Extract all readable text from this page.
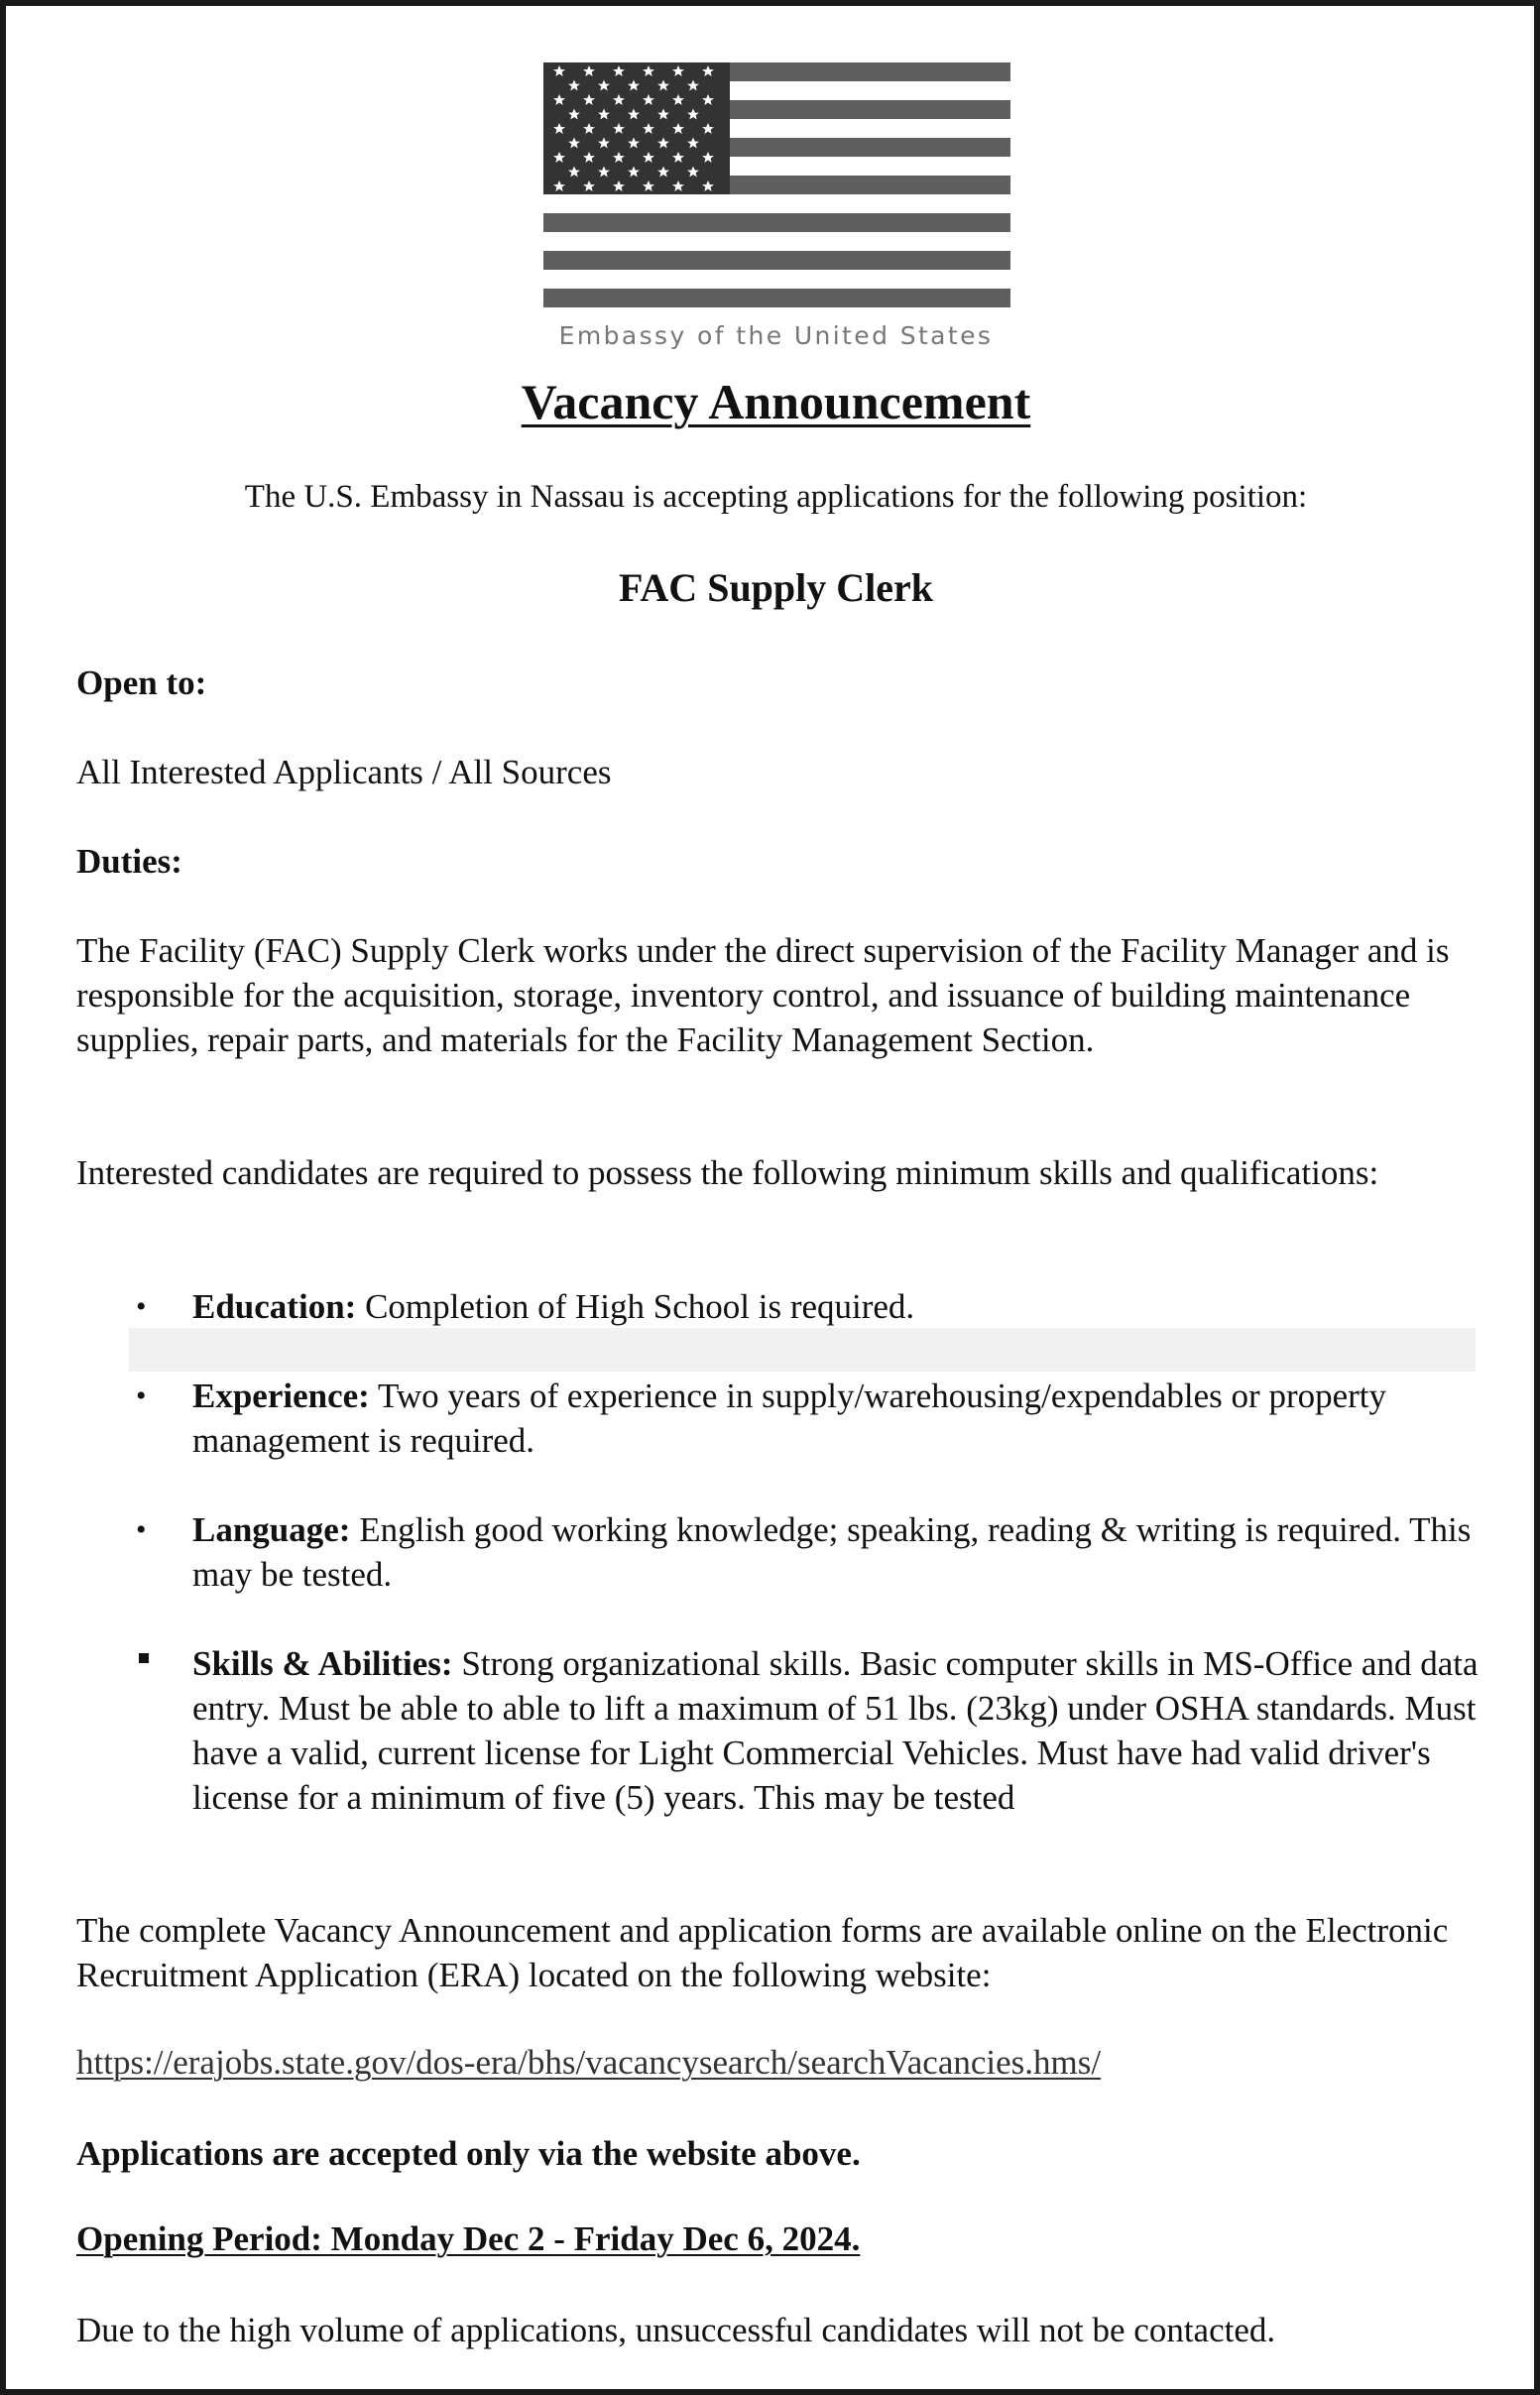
Embassy of the United States
Vacancy Announcement
The U.S. Embassy in Nassau is accepting applications for the following position:
FAC Supply Clerk
Open to:
All Interested Applicants / All Sources
Duties:
The Facility (FAC) Supply Clerk works under the direct supervision of the Facility Manager and is responsible for the acquisition, storage, inventory control, and issuance of building maintenance supplies, repair parts, and materials for the Facility Management Section.
Interested candidates are required to possess the following minimum skills and qualifications:
• Education: Completion of High School is required.
• Experience: Two years of experience in supply/warehousing/expendables or property management is required.
• Language: English good working knowledge; speaking, reading & writing is required. This may be tested.
Skills & Abilities: Strong organizational skills. Basic computer skills in MS-Office and data entry. Must be able to able to lift a maximum of 51 lbs. (23kg) under OSHA standards. Must have a valid, current license for Light Commercial Vehicles. Must have had valid driver's license for a minimum of five (5) years. This may be tested
The complete Vacancy Announcement and application forms are available online on the Electronic Recruitment Application (ERA) located on the following website:
https://erajobs.state.gov/dos-era/bhs/vacancysearch/searchVacancies.hms/
Applications are accepted only via the website above.
Opening Period: Monday Dec 2 - Friday Dec 6, 2024.
Due to the high volume of applications, unsuccessful candidates will not be contacted.
